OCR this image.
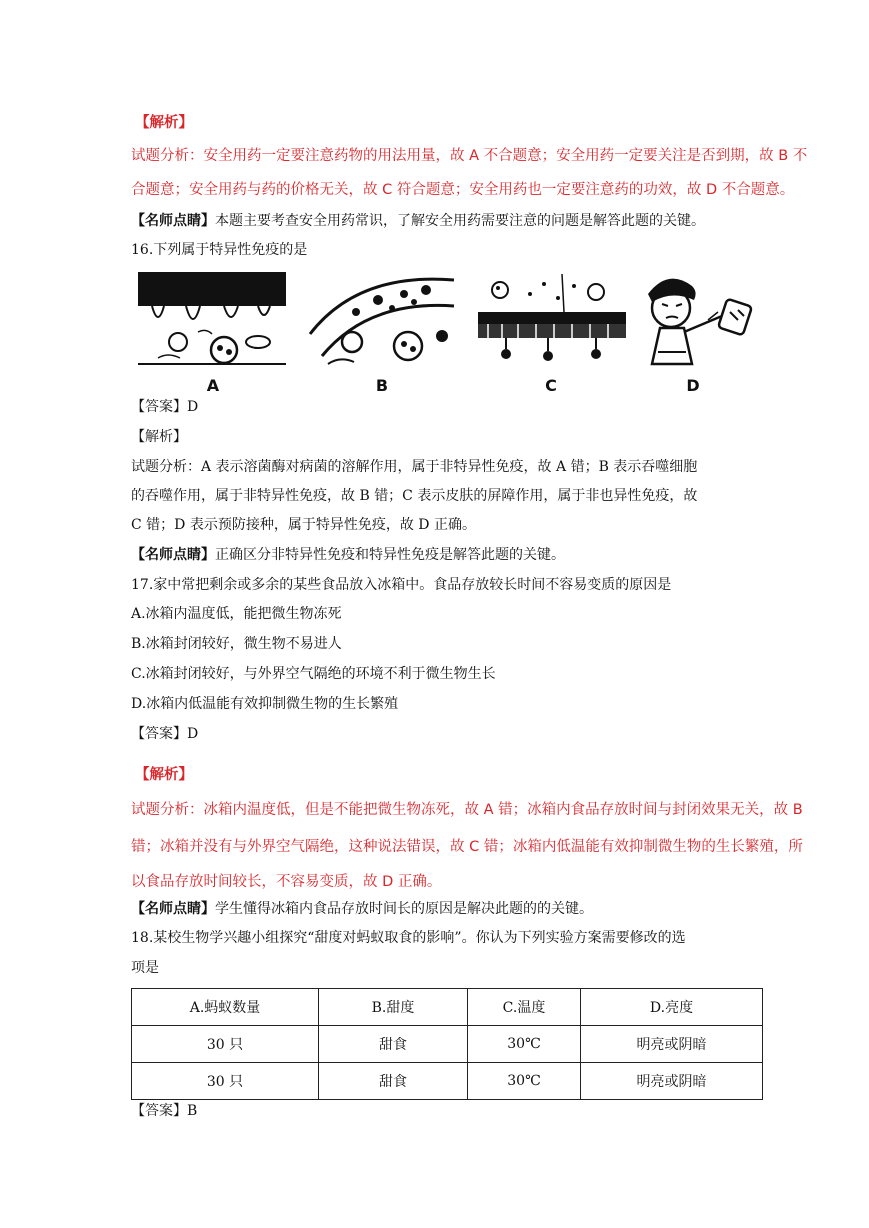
【解析】
试题分析：安全用药一定要注意药物的用法用量，故 A 不合题意；安全用药一定要关注是否到期，故 B 不
合题意；安全用药与药的价格无关，故 C 符合题意；安全用药也一定要注意药的功效，故 D 不合题意。
【名师点睛】本题主要考查安全用药常识，了解安全用药需要注意的问题是解答此题的关键。
16.下列属于特异性免疫的是
A	B	C	D
【答案】D
【解析】
试题分析：A 表示溶菌酶对病菌的溶解作用，属于非特异性免疫，故 A 错；B 表示吞噬细胞
的吞噬作用，属于非特异性免疫，故 B 错；C 表示皮肤的屏障作用，属于非也异性免疫，故
C 错；D 表示预防接种，属于特异性免疫，故 D 正确。
【名师点睛】正确区分非特异性免疫和特异性免疫是解答此题的关键。
17.家中常把剩余或多余的某些食品放入冰箱中。食品存放较长时间不容易变质的原因是
A.冰箱内温度低，能把微生物冻死
B.冰箱封闭较好，微生物不易进人
C.冰箱封闭较好，与外界空气隔绝的环境不利于微生物生长
D.冰箱内低温能有效抑制微生物的生长繁殖
【答案】D
【解析】
试题分析：冰箱内温度低，但是不能把微生物冻死，故 A 错；冰箱内食品存放时间与封闭效果无关，故 B
错；冰箱并没有与外界空气隔绝，这种说法错误，故 C 错；冰箱内低温能有效抑制微生物的生长繁殖，所
以食品存放时间较长，不容易变质，故 D 正确。
【名师点睛】学生懂得冰箱内食品存放时间长的原因是解决此题的的关键。
18.某校生物学兴趣小组探究“甜度对蚂蚁取食的影响”。你认为下列实验方案需要修改的选
项是
A.蚂蚁数量	B.甜度	C.温度	D.亮度
30 只	甜食	30℃	明亮或阴暗
30 只	甜食	30℃	明亮或阴暗
【答案】B
